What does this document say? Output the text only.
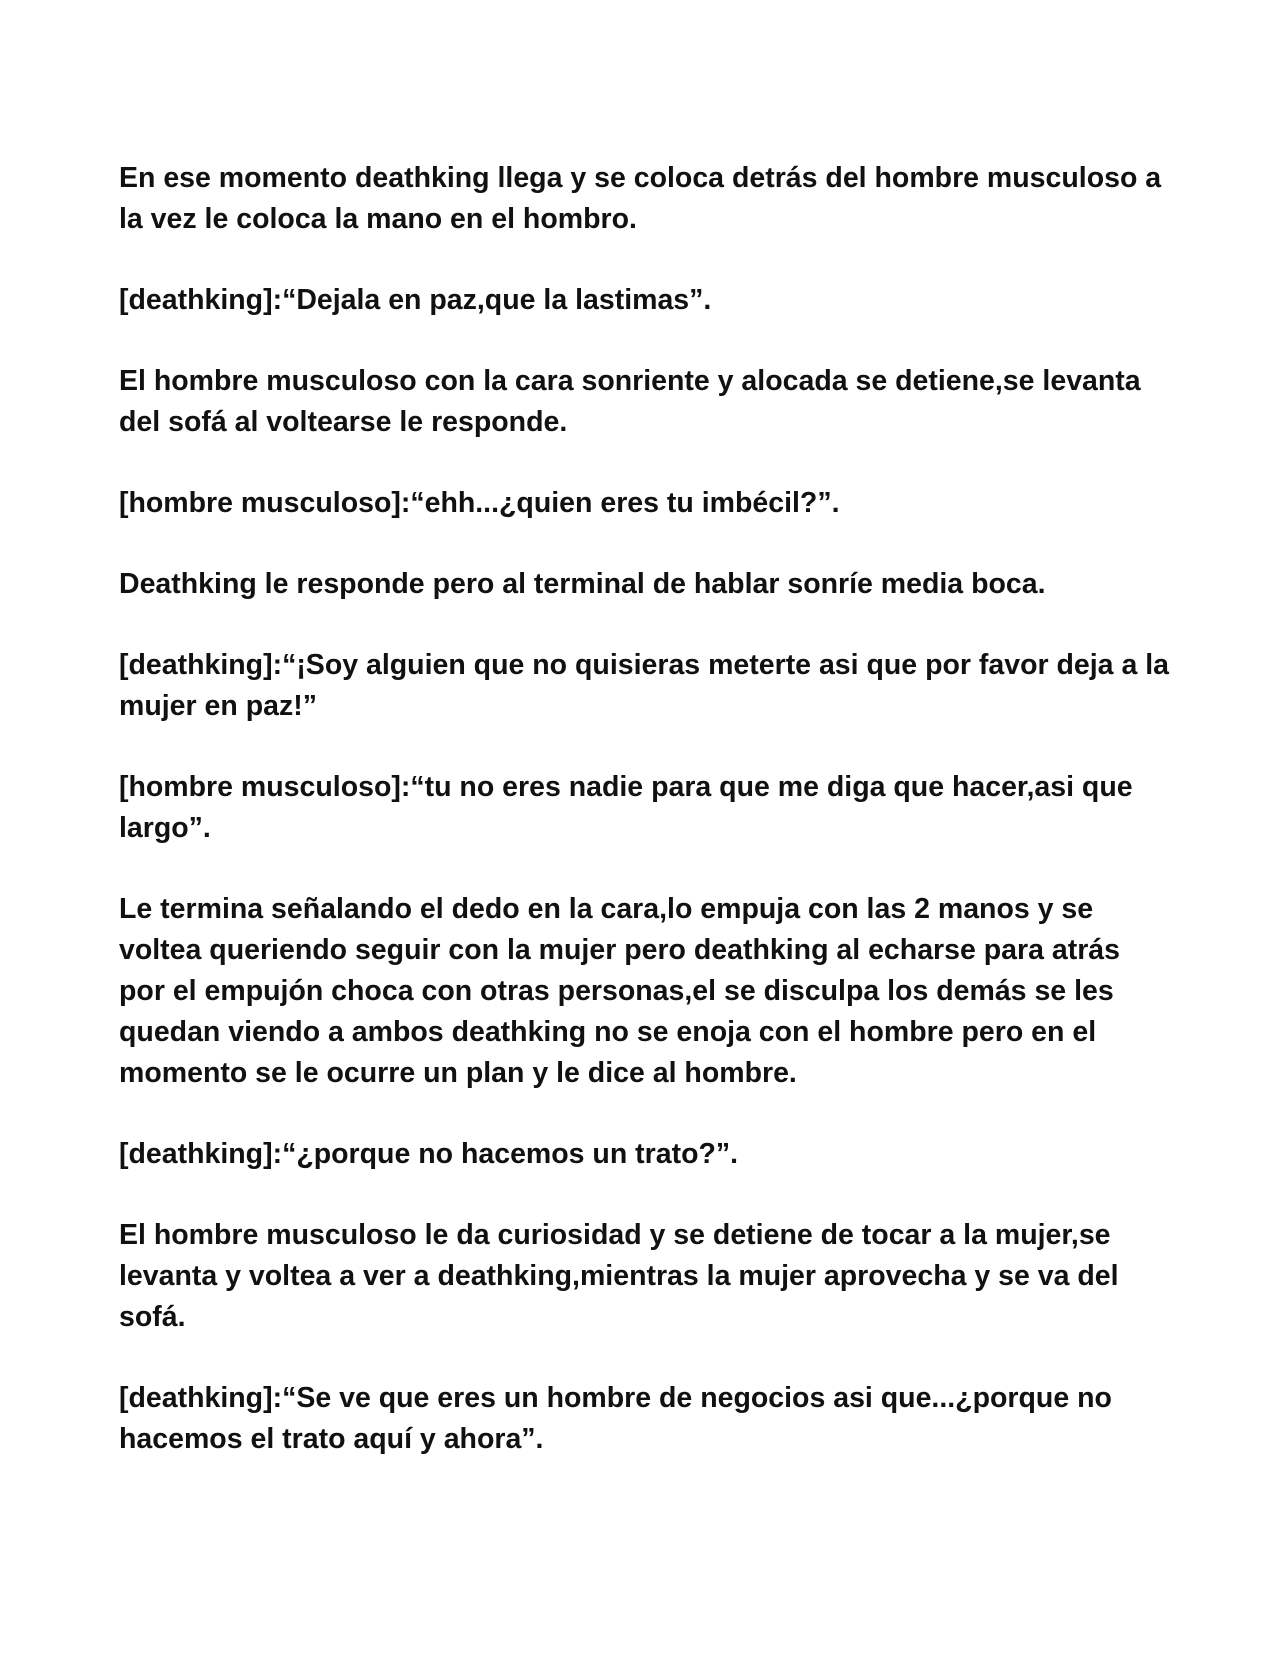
En ese momento deathking llega y se coloca detrás del hombre musculoso a la vez le coloca la mano en el hombro.

[deathking]:“Dejala en paz,que la lastimas”.

El hombre musculoso con la cara sonriente y alocada se detiene,se levanta del sofá al voltearse le responde.

[hombre musculoso]:“ehh...¿quien eres tu imbécil?”.

Deathking le responde pero al terminal de hablar sonríe media boca.

[deathking]:“¡Soy alguien que no quisieras meterte asi que por favor deja a la mujer en paz!”

[hombre musculoso]:“tu no eres nadie para que me diga que hacer,asi que largo”.

Le termina señalando el dedo en la cara,lo empuja con las 2 manos y se voltea queriendo seguir con la mujer pero deathking al echarse para atrás por el empujón choca con otras personas,el se disculpa los demás se les quedan viendo a ambos deathking no se enoja con el hombre pero en el momento se le ocurre un plan y le dice al hombre.

[deathking]:“¿porque no hacemos un trato?”.

El hombre musculoso le da curiosidad y se detiene de tocar a la mujer,se levanta y voltea a ver a deathking,mientras la mujer aprovecha y se va del sofá.

[deathking]:“Se ve que eres un hombre de negocios asi que...¿porque no hacemos el trato aquí y ahora”.
